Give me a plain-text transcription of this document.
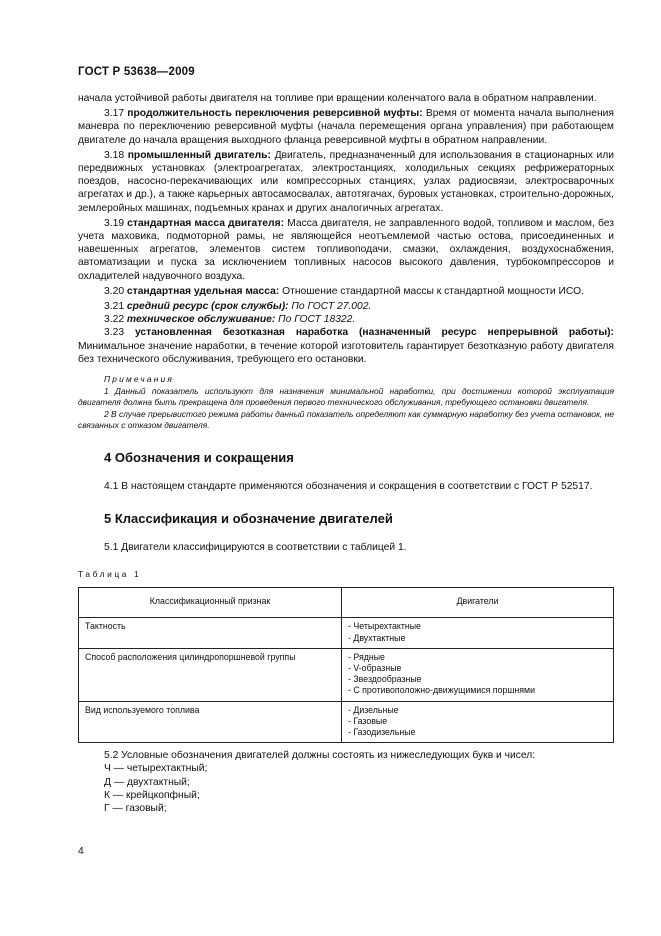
ГОСТ Р 53638—2009

начала устойчивой работы двигателя на топливе при вращении коленчатого вала в обратном направлении.

3.17 продолжительность переключения реверсивной муфты: Время от момента начала выполнения маневра по переключению реверсивной муфты (начала перемещения органа управления) при работающем двигателе до начала вращения выходного фланца реверсивной муфты в обратном направлении.

3.18 промышленный двигатель: Двигатель, предназначенный для использования в стационарных или передвижных установках (электроагрегатах, электростанциях, холодильных секциях рефрижераторных поездов, насосно-перекачивающих или компрессорных станциях, узлах радиосвязи, электросварочных агрегатах и др.), а также карьерных автосамосвалах, автотягачах, буровых установках, строительно-дорожных, землеройных машинах, подъемных кранах и других аналогичных агрегатах.

3.19 стандартная масса двигателя: Масса двигателя, не заправленного водой, топливом и маслом, без учета маховика, подмоторной рамы, не являющейся неотъемлемой частью остова, присоединенных и навешенных агрегатов, элементов систем топливоподачи, смазки, охлаждения, воздухоснабжения, автоматизации и пуска за исключением топливных насосов высокого давления, турбокомпрессоров и охладителей надувочного воздуха.

3.20 стандартная удельная масса: Отношение стандартной массы к стандартной мощности ИСО.

3.21 средний ресурс (срок службы): По ГОСТ 27.002.

3.22 техническое обслуживание: По ГОСТ 18322.

3.23 установленная безотказная наработка (назначенный ресурс непрерывной работы): Минимальное значение наработки, в течение которой изготовитель гарантирует безотказную работу двигателя без технического обслуживания, требующего его остановки.

Примечания

1 Данный показатель используют для назначения минимальной наработки, при достижении которой эксплуатация двигателя должна быть прекращена для проведения первого технического обслуживания, требующего остановки двигателя.

2 В случае прерывистого режима работы данный показатель определяют как суммарную наработку без учета остановок, не связанных с отказом двигателя.

4 Обозначения и сокращения

4.1 В настоящем стандарте применяются обозначения и сокращения в соответствии с ГОСТ Р 52517.

5 Классификация и обозначение двигателей

5.1 Двигатели классифицируются в соответствии с таблицей 1.

Таблица 1
Классификационный признак	Двигатели
Тактность	- Четырехтактные
- Двухтактные

Способ расположения цилиндропоршневой группы	- Рядные
- V-образные
- Звездообразные
- С противоположно-движущимися поршнями

Вид используемого топлива	- Дизельные
- Газовые
- Газодизельные

5.2 Условные обозначения двигателей должны состоять из нижеследующих букв и чисел:

Ч — четырехтактный;
Д — двухтактный;
К — крейцкопфный;
Г — газовый;
4
